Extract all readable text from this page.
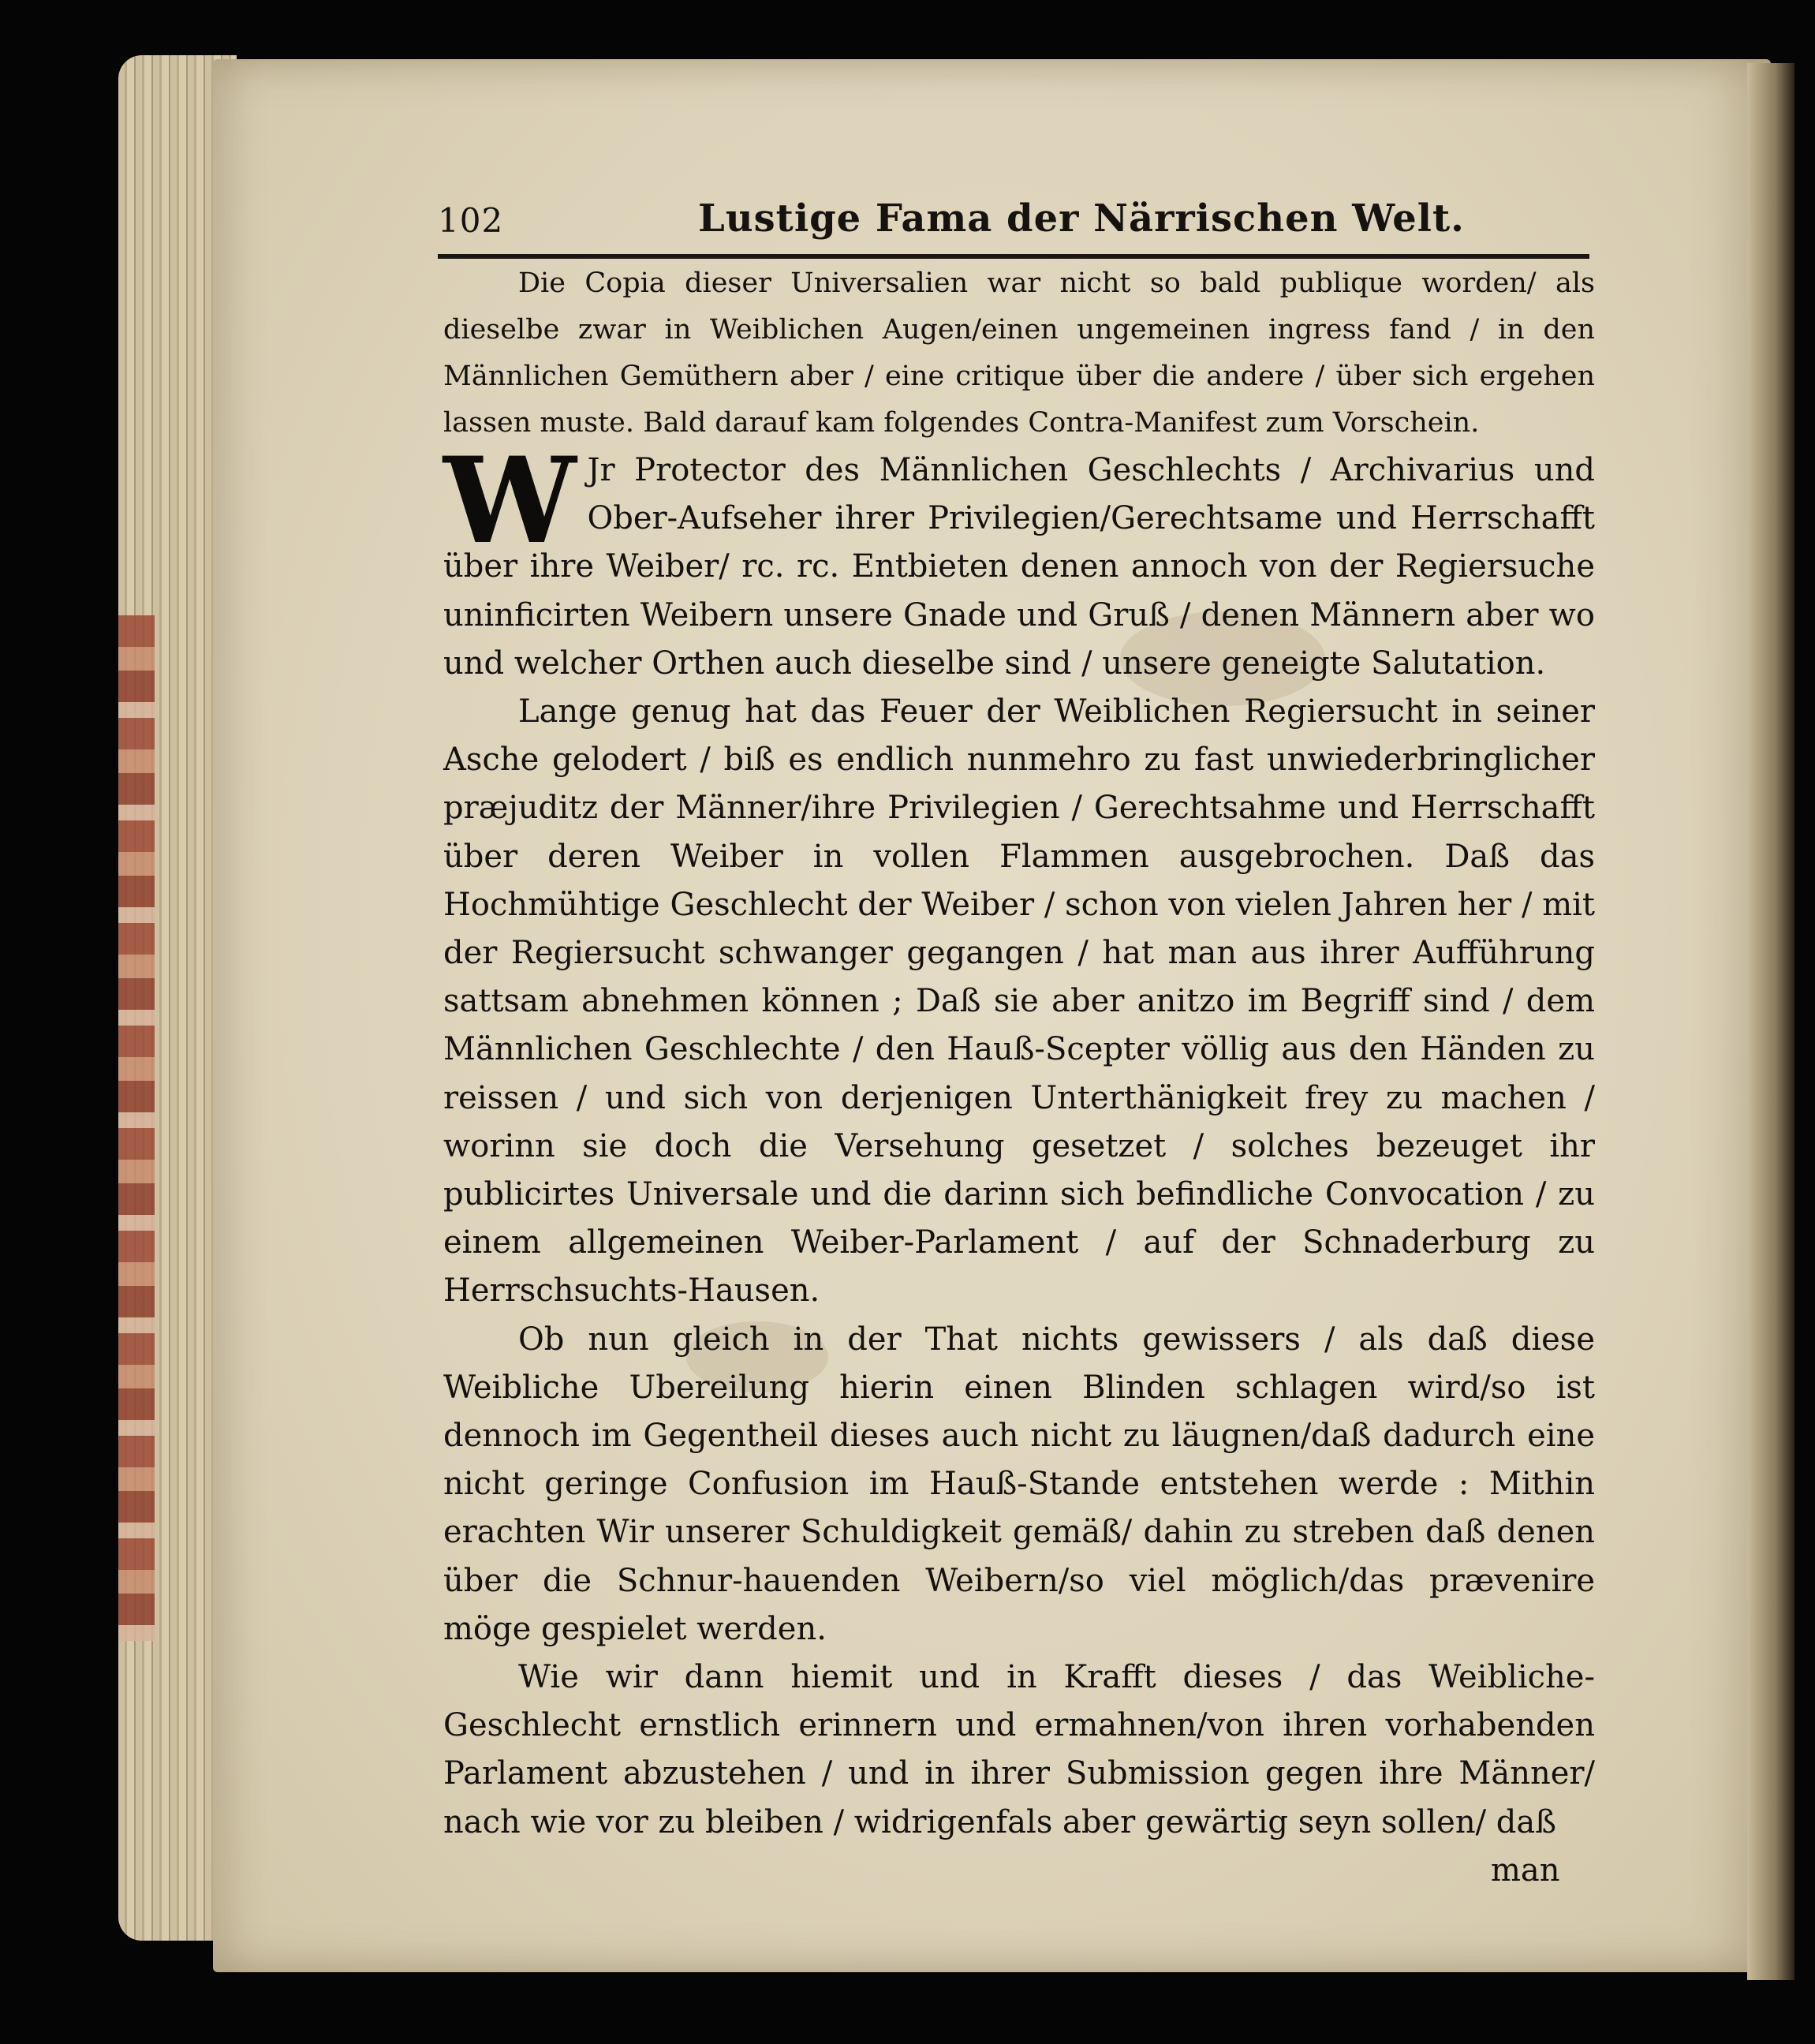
102	Lustige Fama der Närrischen Welt.

Die Copia dieser Universalien war nicht so bald publique worden/ als dieselbe zwar in Weiblichen Augen/einen ungemeinen ingress fand / in den Männlichen Gemüthern aber / eine critique über die andere / über sich ergehen lassen muste. Bald darauf kam folgendes Contra-Manifest zum Vorschein.

W Jr Protector des Männlichen Geschlechts / Archivarius und Ober-Aufseher ihrer Privilegien/Gerechtsame und Herrschafft über ihre Weiber/ rc. rc. Entbieten denen annoch von der Regiersuche uninficirten Weibern unsere Gnade und Gruß / denen Männern aber wo und welcher Orthen auch dieselbe sind / unsere geneigte Salutation.

Lange genug hat das Feuer der Weiblichen Regiersucht in seiner Asche gelodert / biß es endlich nunmehro zu fast unwiederbringlicher præjuditz der Männer/ihre Privilegien / Gerechtsahme und Herrschafft über deren Weiber in vollen Flammen ausgebrochen. Daß das Hochmühtige Geschlecht der Weiber / schon von vielen Jahren her / mit der Regiersucht schwanger gegangen / hat man aus ihrer Aufführung sattsam abnehmen können ; Daß sie aber anitzo im Begriff sind / dem Männlichen Geschlechte / den Hauß-Scepter völlig aus den Händen zu reissen / und sich von derjenigen Unterthänigkeit frey zu machen / worinn sie doch die Versehung gesetzet / solches bezeuget ihr publicirtes Universale und die darinn sich befindliche Convocation / zu einem allgemeinen Weiber-Parlament / auf der Schnaderburg zu Herrschsuchts-Hausen.

Ob nun gleich in der That nichts gewissers / als daß diese Weibliche Ubereilung hierin einen Blinden schlagen wird/so ist dennoch im Gegentheil dieses auch nicht zu läugnen/daß dadurch eine nicht geringe Confusion im Hauß-Stande entstehen werde : Mithin erachten Wir unserer Schuldigkeit gemäß/ dahin zu streben daß denen über die Schnur-hauenden Weibern/so viel möglich/das prævenire möge gespielet werden.

Wie wir dann hiemit und in Krafft dieses / das Weibliche-Geschlecht ernstlich erinnern und ermahnen/von ihren vorhabenden Parlament abzustehen / und in ihrer Submission gegen ihre Männer/ nach wie vor zu bleiben / widrigenfals aber gewärtig seyn sollen/ daß

man
